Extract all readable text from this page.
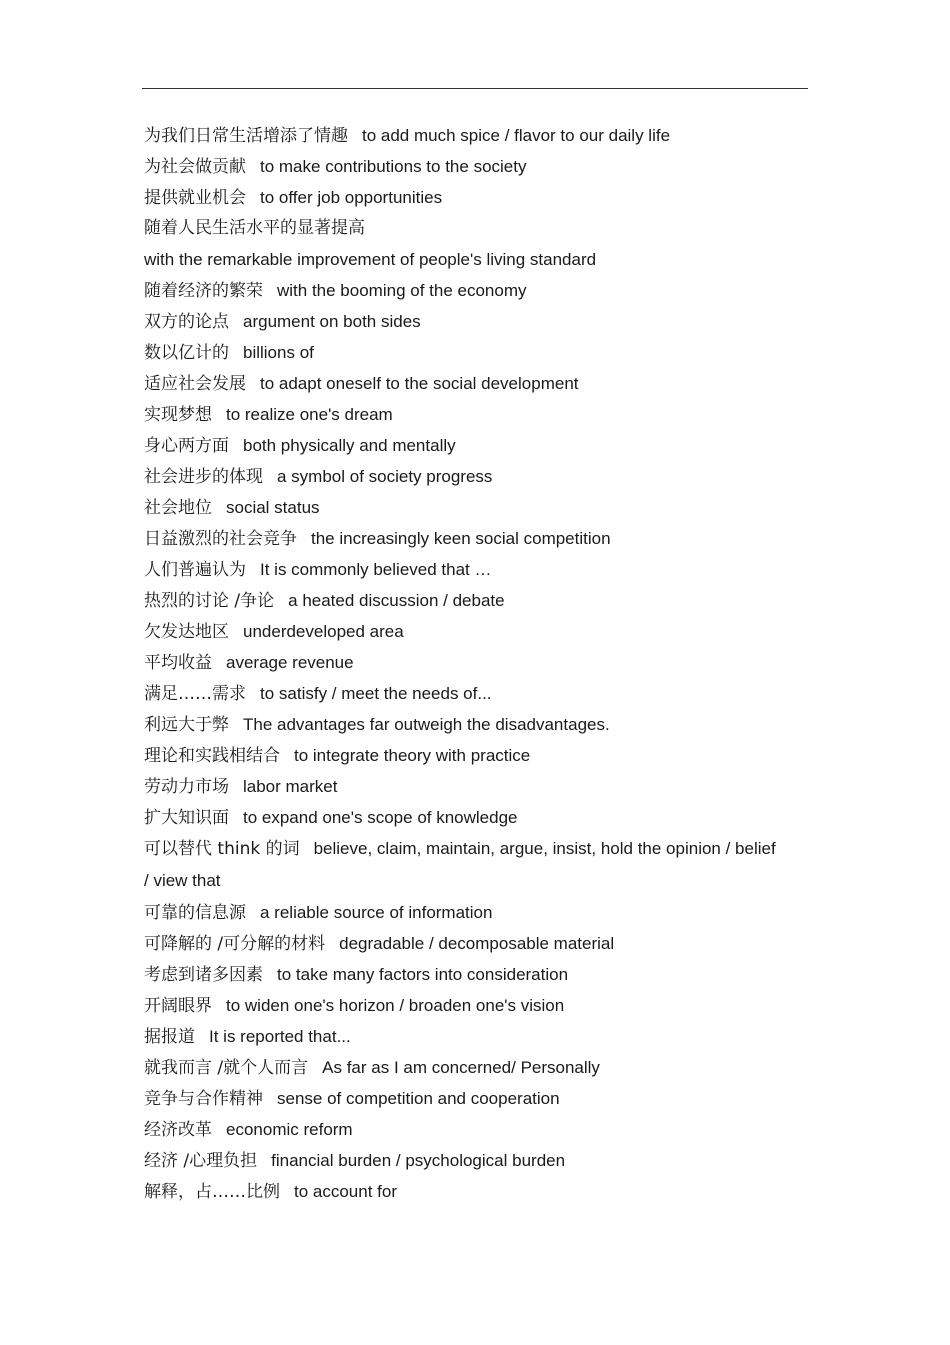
为我们日常生活增添了情趣 to add much spice / flavor to our daily life
为社会做贡献 to make contributions to the society
提供就业机会 to offer job opportunities
随着人民生活水平的显著提高
with the remarkable improvement of people's living standard
随着经济的繁荣 with the booming of the economy
双方的论点 argument on both sides
数以亿计的 billions of
适应社会发展 to adapt oneself to the social development
实现梦想 to realize one's dream
身心两方面 both physically and mentally
社会进步的体现 a symbol of society progress
社会地位 social status
日益激烈的社会竞争 the increasingly keen social competition
人们普遍认为 It is commonly believed that …
热烈的讨论 /争论 a heated discussion / debate
欠发达地区 underdeveloped area
平均收益 average revenue
满足……需求 to satisfy / meet the needs of...
利远大于弊 The advantages far outweigh the disadvantages.
理论和实践相结合 to integrate theory with practice
劳动力市场 labor market
扩大知识面 to expand one's scope of knowledge
可以替代 think 的词 believe, claim, maintain, argue, insist, hold the opinion / belief / view that
可靠的信息源 a reliable source of information
可降解的 /可分解的材料 degradable / decomposable material
考虑到诸多因素 to take many factors into consideration
开阔眼界 to widen one's horizon / broaden one's vision
据报道 It is reported that...
就我而言 /就个人而言 As far as I am concerned/ Personally
竞争与合作精神 sense of competition and cooperation
经济改革 economic reform
经济 /心理负担 financial burden / psychological burden
解释，占……比例 to account for
